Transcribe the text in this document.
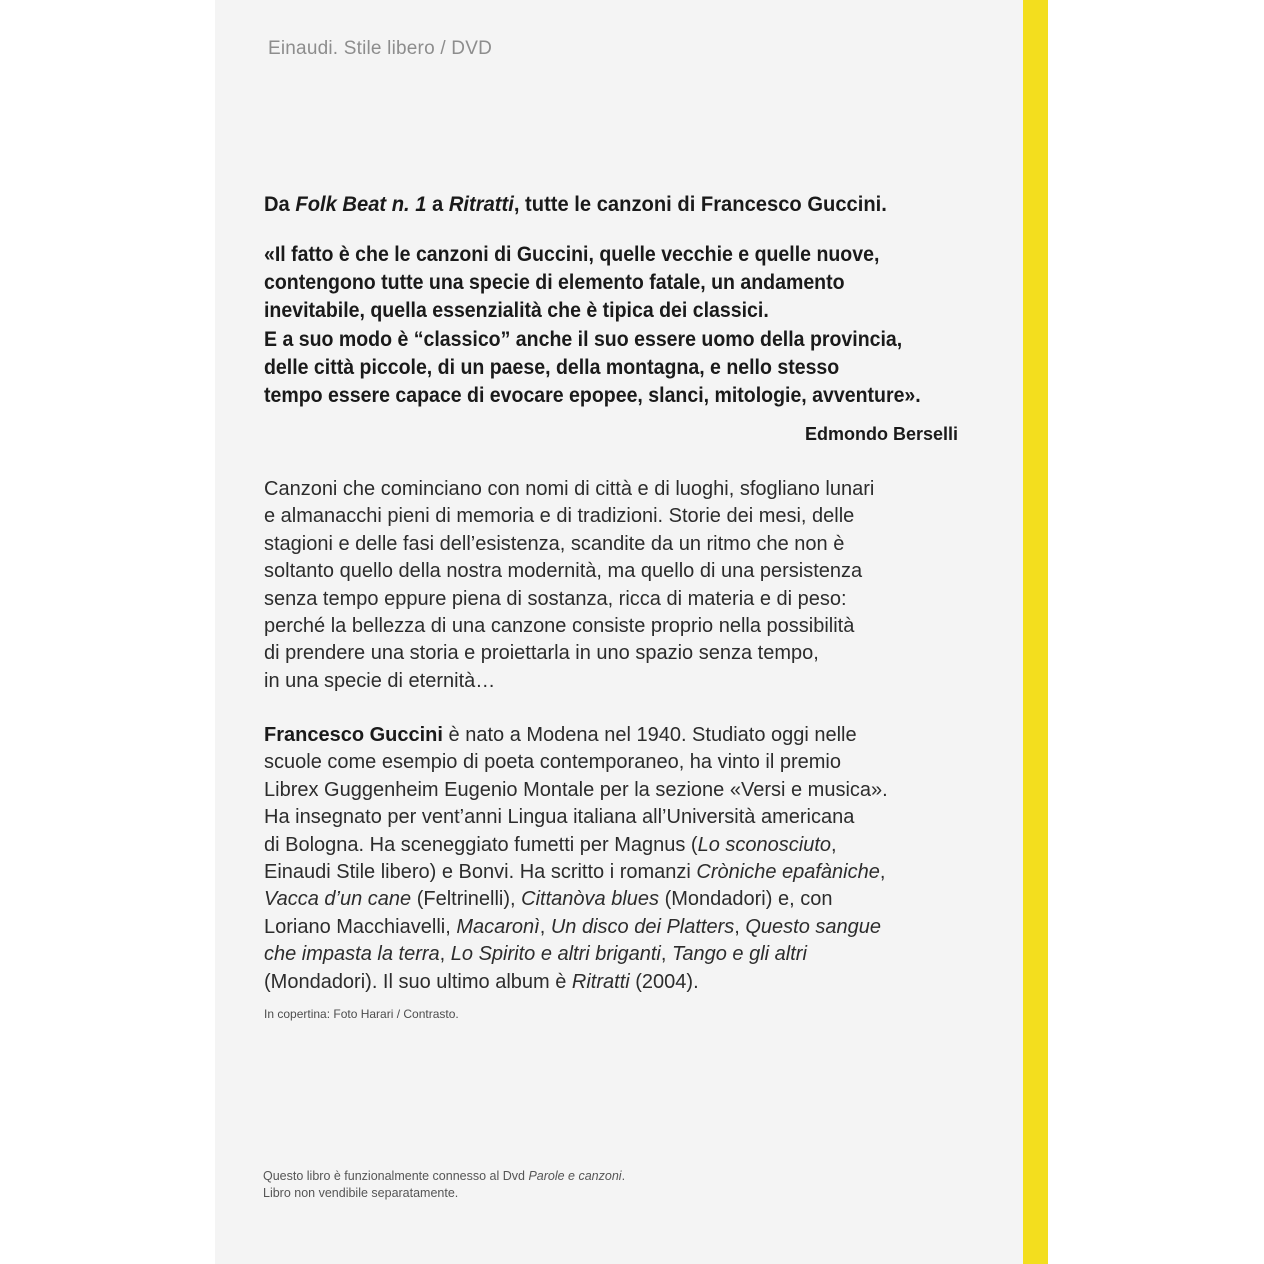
Einaudi. Stile libero / DVD
Da Folk Beat n. 1 a Ritratti, tutte le canzoni di Francesco Guccini.
«Il fatto è che le canzoni di Guccini, quelle vecchie e quelle nuove,
contengono tutte una specie di elemento fatale, un andamento
inevitabile, quella essenzialità che è tipica dei classici.
E a suo modo è “classico” anche il suo essere uomo della provincia,
delle città piccole, di un paese, della montagna, e nello stesso
tempo essere capace di evocare epopee, slanci, mitologie, avventure».
Edmondo Berselli
Canzoni che cominciano con nomi di città e di luoghi, sfogliano lunari
e almanacchi pieni di memoria e di tradizioni. Storie dei mesi, delle
stagioni e delle fasi dell’esistenza, scandite da un ritmo che non è
soltanto quello della nostra modernità, ma quello di una persistenza
senza tempo eppure piena di sostanza, ricca di materia e di peso:
perché la bellezza di una canzone consiste proprio nella possibilità
di prendere una storia e proiettarla in uno spazio senza tempo,
in una specie di eternità…
Francesco Guccini è nato a Modena nel 1940. Studiato oggi nelle
scuole come esempio di poeta contemporaneo, ha vinto il premio
Librex Guggenheim Eugenio Montale per la sezione «Versi e musica».
Ha insegnato per vent’anni Lingua italiana all’Università americana
di Bologna. Ha sceneggiato fumetti per Magnus (Lo sconosciuto,
Einaudi Stile libero) e Bonvi. Ha scritto i romanzi Cròniche epafàniche,
Vacca d’un cane (Feltrinelli), Cittanòva blues (Mondadori) e, con
Loriano Macchiavelli, Macaronì, Un disco dei Platters, Questo sangue
che impasta la terra, Lo Spirito e altri briganti, Tango e gli altri
(Mondadori). Il suo ultimo album è Ritratti (2004).
In copertina: Foto Harari / Contrasto.
Questo libro è funzionalmente connesso al Dvd Parole e canzoni.
Libro non vendibile separatamente.
